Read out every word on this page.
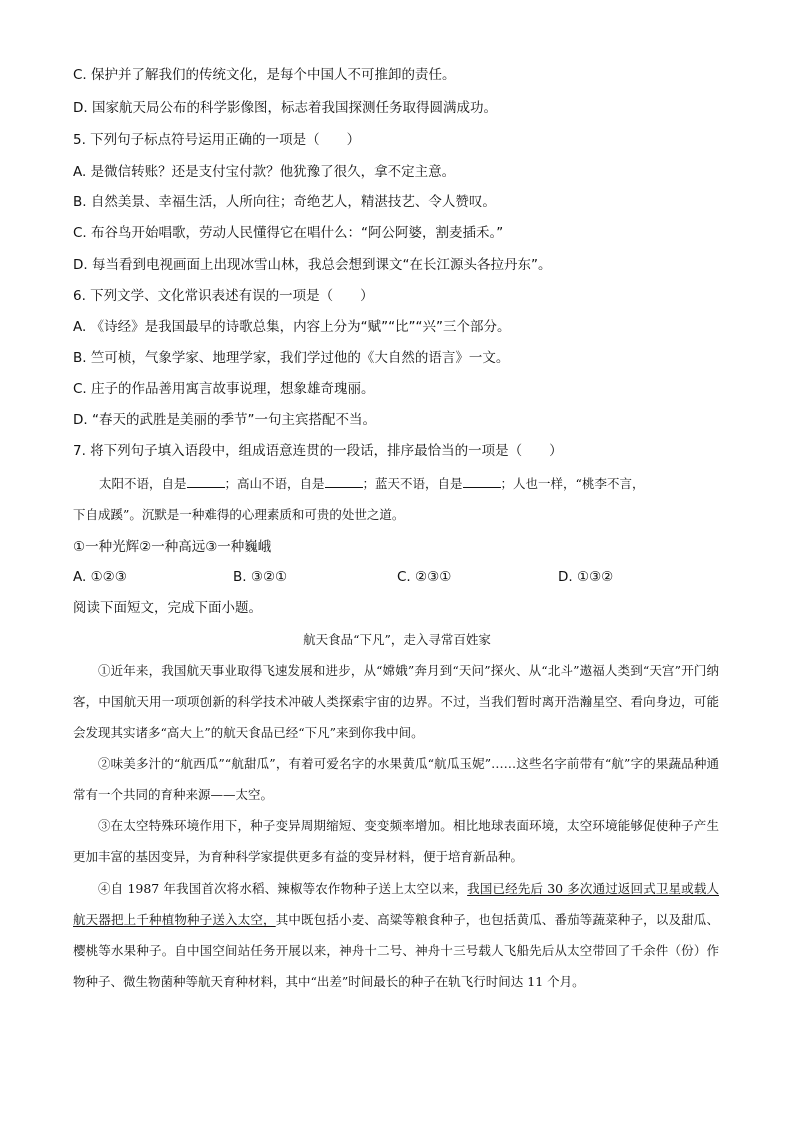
C. 保护并了解我们的传统文化，是每个中国人不可推卸的责任。
D. 国家航天局公布的科学影像图，标志着我国探测任务取得圆满成功。
5. 下列句子标点符号运用正确的一项是（　　）
A. 是微信转账？还是支付宝付款？他犹豫了很久，拿不定主意。
B. 自然美景、幸福生活，人所向往；奇绝艺人，精湛技艺、令人赞叹。
C. 布谷鸟开始唱歌，劳动人民懂得它在唱什么：“阿公阿婆，割麦插禾。”
D. 每当看到电视画面上出现冰雪山林，我总会想到课文“在长江源头各拉丹东”。
6. 下列文学、文化常识表述有误的一项是（　　）
A. 《诗经》是我国最早的诗歌总集，内容上分为“赋”“比”“兴”三个部分。
B. 竺可桢，气象学家、地理学家，我们学过他的《大自然的语言》一文。
C. 庄子的作品善用寓言故事说理，想象雄奇瑰丽。
D. “春天的武胜是美丽的季节”一句主宾搭配不当。
7. 将下列句子填入语段中，组成语意连贯的一段话，排序最恰当的一项是（　　）
太阳不语，自是	；高山不语，自是	；蓝天不语，自是	；人也一样，“桃李不言，
下自成蹊”。沉默是一种难得的心理素质和可贵的处世之道。
①一种光辉②一种高远③一种巍峨
A. ①②③	B. ③②①	C. ②③①	D. ①③②
阅读下面短文，完成下面小题。
航天食品“下凡”，走入寻常百姓家
①近年来，我国航天事业取得飞速发展和进步，从“嫦娥”奔月到“天问”探火、从“北斗”遨福人类到“天宫”开门纳客，中国航天用一项项创新的科学技术冲破人类探索宇宙的边界。不过，当我们暂时离开浩瀚星空、看向身边，可能会发现其实诸多“高大上”的航天食品已经“下凡”来到你我中间。
②味美多汁的“航西瓜”“航甜瓜”，有着可爱名字的水果黄瓜“航瓜玉妮”……这些名字前带有“航”字的果蔬品种通常有一个共同的育种来源——太空。
③在太空特殊环境作用下，种子变异周期缩短、变变频率增加。相比地球表面环境，太空环境能够促使种子产生更加丰富的基因变异，为育种科学家提供更多有益的变异材料，便于培育新品种。
④自 1987 年我国首次将水稻、辣椒等农作物种子送上太空以来，我国已经先后 30 多次通过返回式卫星或载人航天器把上千种植物种子送入太空，其中既包括小麦、高粱等粮食种子，也包括黄瓜、番茄等蔬菜种子，以及甜瓜、樱桃等水果种子。自中国空间站任务开展以来，神舟十二号、神舟十三号载人飞船先后从太空带回了千余件（份）作物种子、微生物菌种等航天育种材料，其中“出差”时间最长的种子在轨飞行时间达 11 个月。
